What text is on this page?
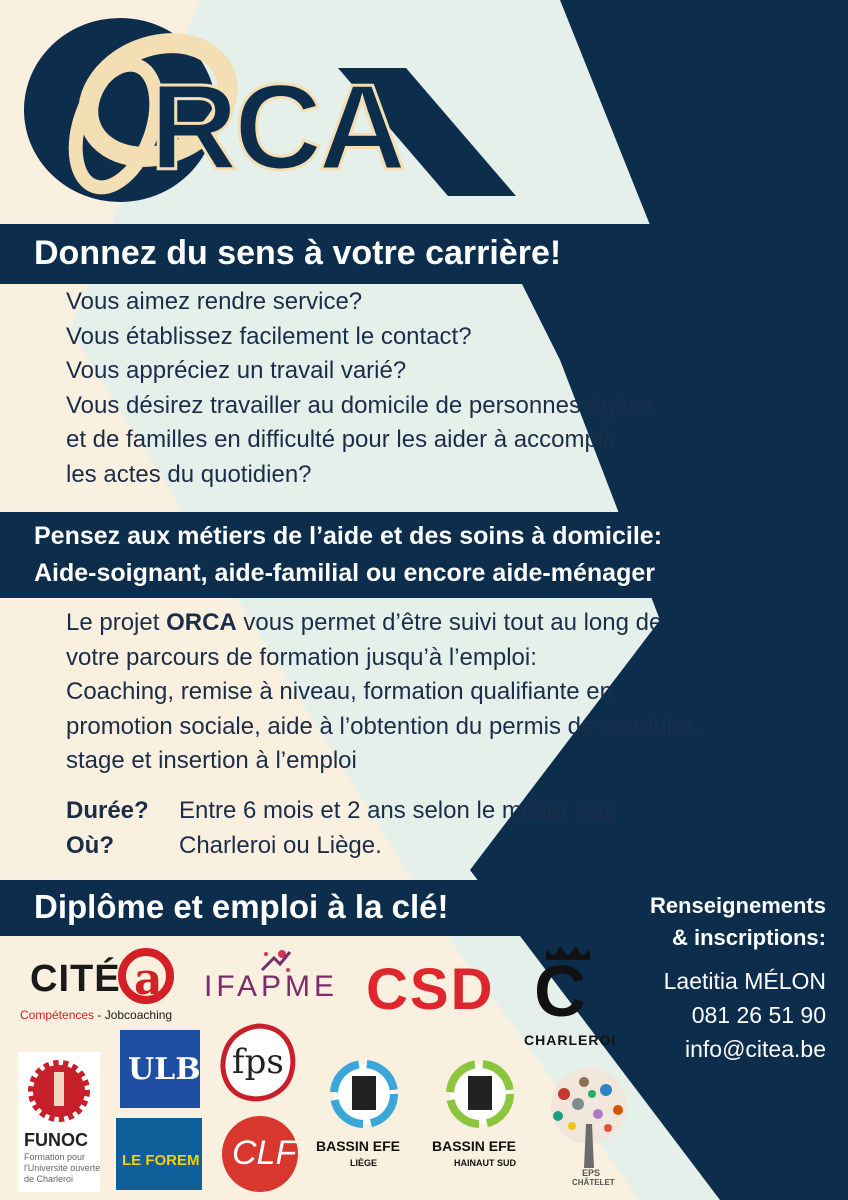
RCA
Donnez du sens à votre carrière!
Vous aimez rendre service?
Vous établissez facilement le contact?
Vous appréciez un travail varié?
Vous désirez travailler au domicile de personnes âgées
et de familles en difficulté pour les aider à accomplir
les actes du quotidien?
Pensez aux métiers de l’aide et des soins à domicile:
Aide-soignant, aide-familial ou encore aide-ménager
Le projet ORCA vous permet d’être suivi tout au long de
votre parcours de formation jusqu’à l’emploi:
Coaching, remise à niveau, formation qualifiante en
promotion sociale, aide à l’obtention du permis de conduire,
stage et insertion à l’emploi
Durée?	Entre 6 mois et 2 ans selon le métier visé
Où?	Charleroi ou Liège.
Diplôme et emploi à la clé!	Renseignements
& inscriptions:
Laetitia MÉLON
081 26 51 90
info@citea.be
CITÉ a
Compétences - Jobcoaching
IFAPME CSD C
CHARLEROI
FUNOC
Formation pour
l'Université ouverte
de Charleroi
ULB fps
LE FOREM CLF BASSIN EFE
LIÈGE
BASSIN EFE
HAINAUT SUD
EPS
CHÂTELET
